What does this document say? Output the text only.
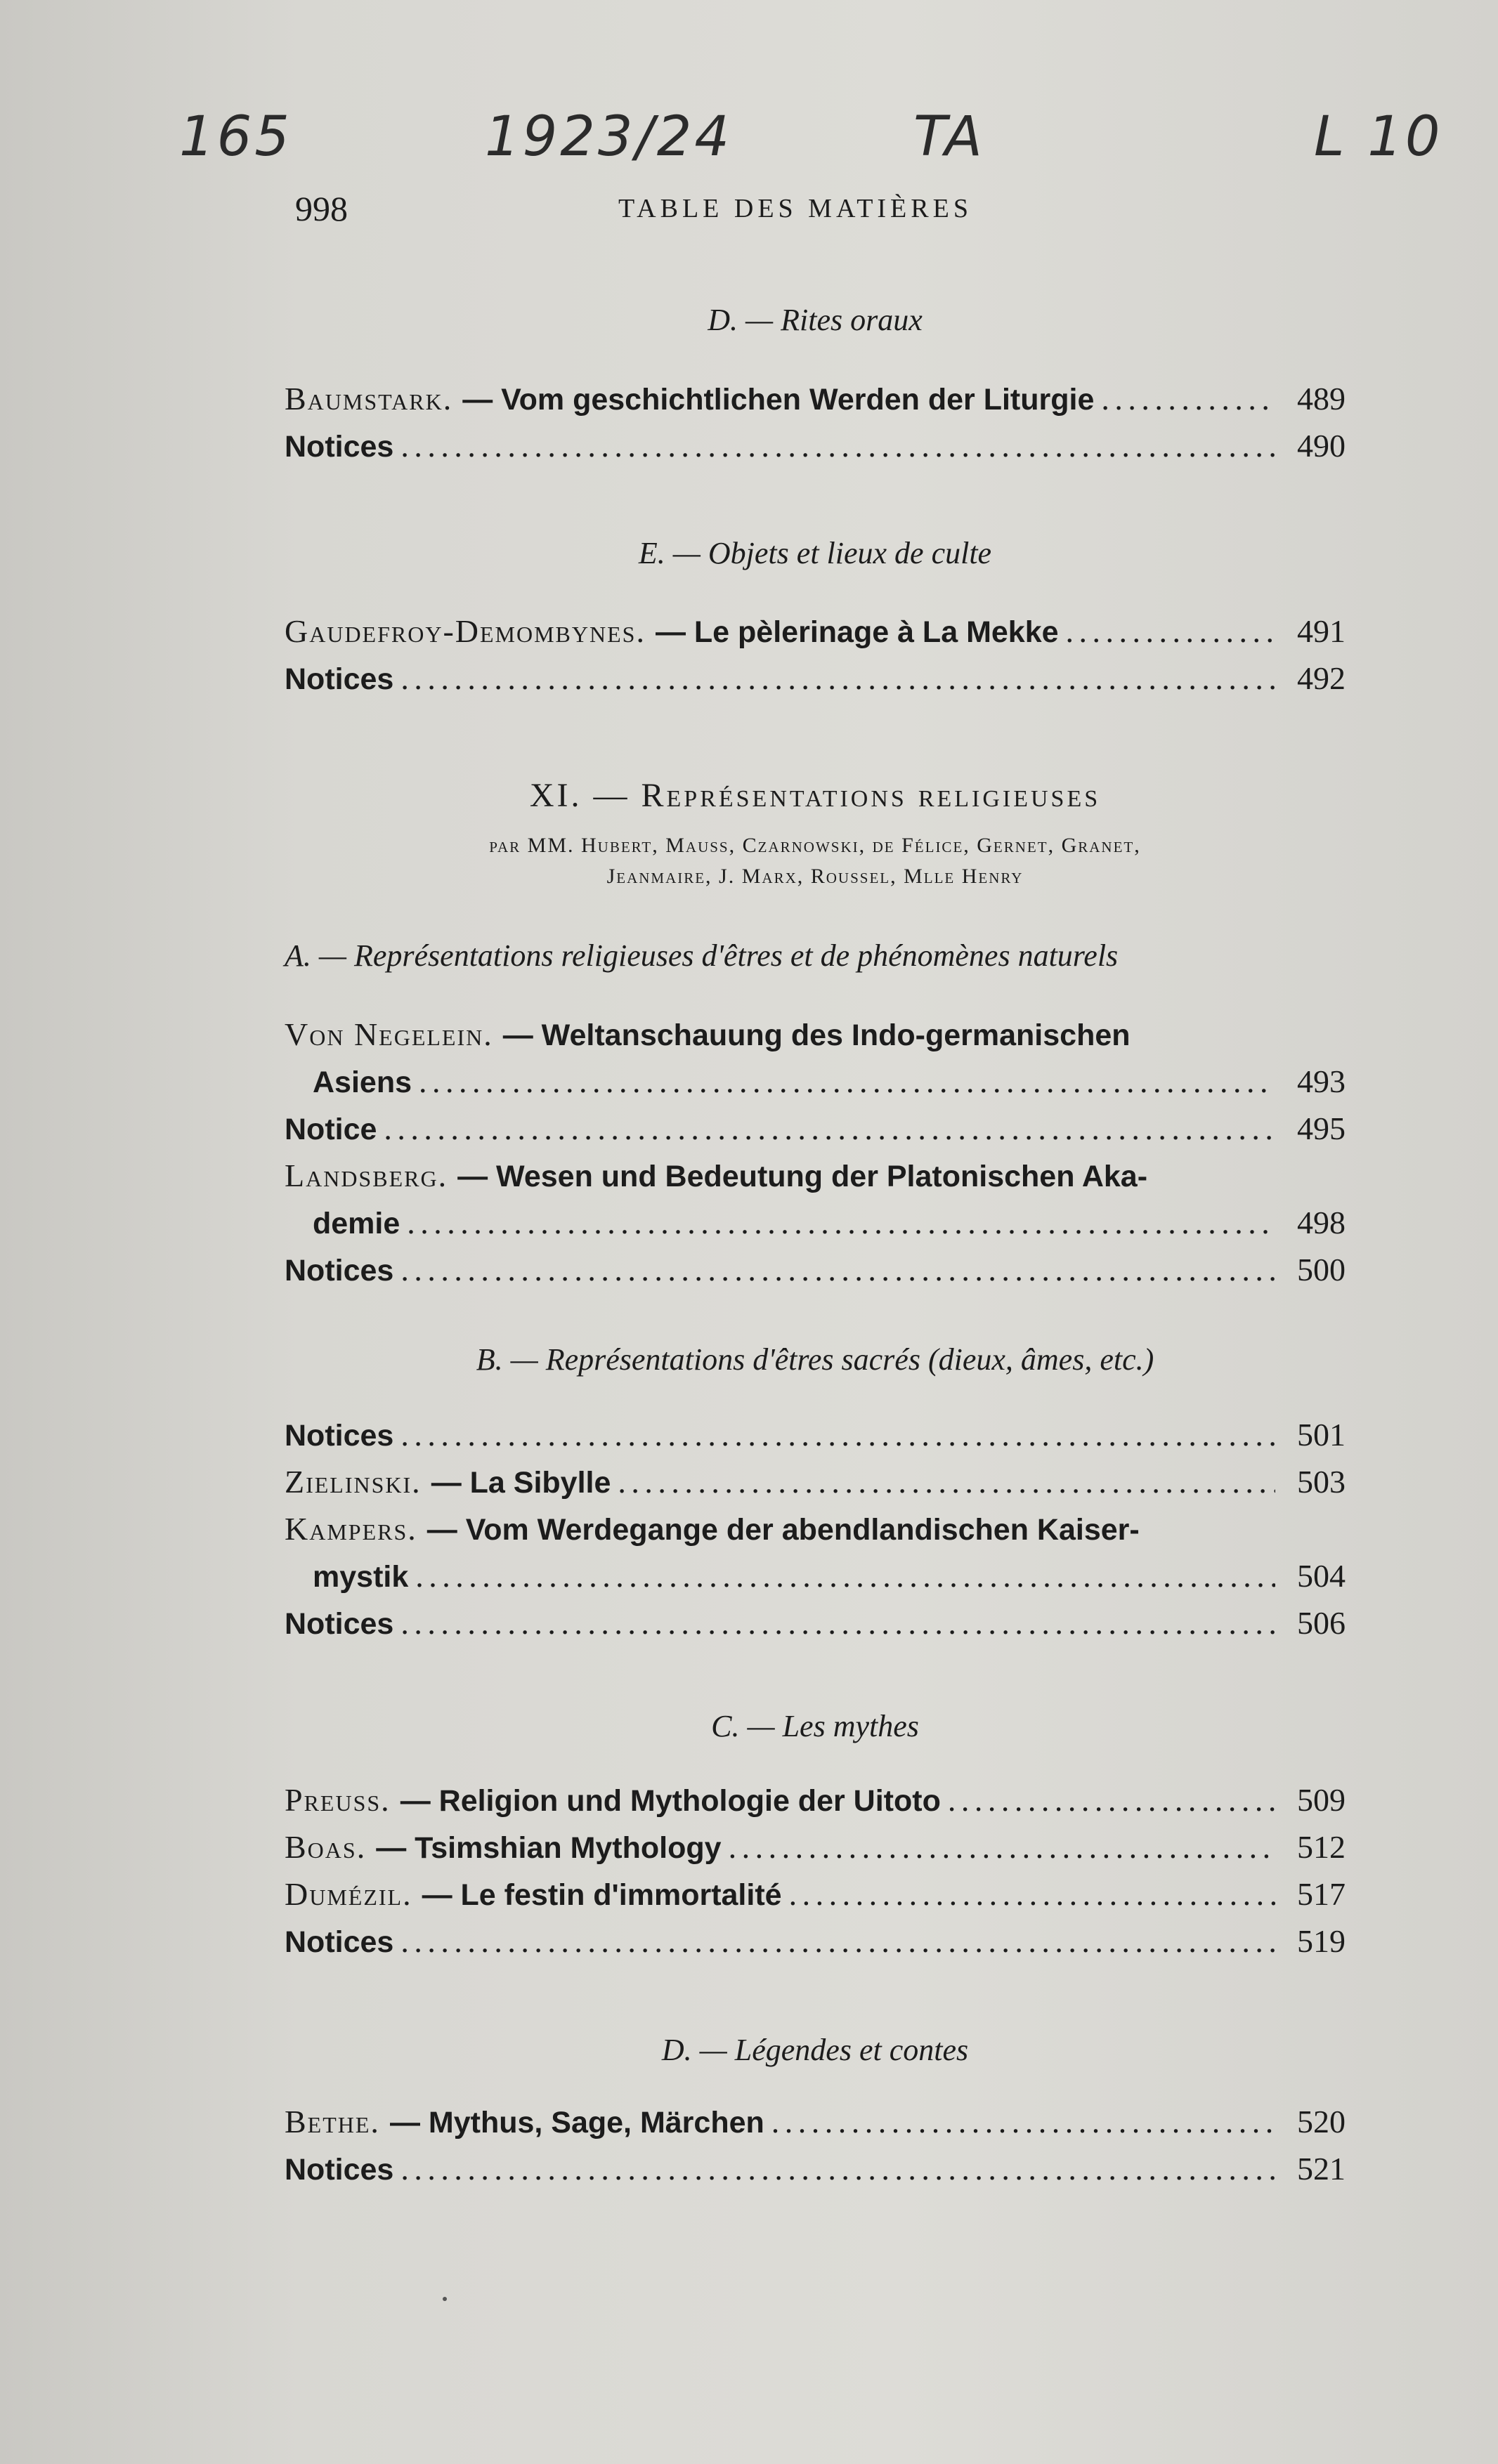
165	1923/24	TA	L 10
998	TABLE DES MATIÈRES

D. — Rites oraux

Baumstark. — Vom geschichtlichen Werden der Liturgie . . .	489
Notices . . .	490

E. — Objets et lieux de culte

Gaudefroy-Demombynes. — Le pèlerinage à La Mekke . . .	491
Notices . . .	492
XI. — Représentations religieuses
par MM. Hubert, Mauss, Czarnowski, de Félice, Gernet, Granet,
Jeanmaire, J. Marx, Roussel, Mlle Henry
A. — Représentations religieuses d'êtres et de phénomènes naturels
Von Negelein. — Weltanschauung des Indo-germanischen
Asiens . . .	493
Notice . . .	495
Landsberg. — Wesen und Bedeutung der Platonischen Aka-
demie . . .	498
Notices . . .	500

B. — Représentations d'êtres sacrés (dieux, âmes, etc.)

Notices . . .	501
Zielinski. — La Sibylle . . .	503
Kampers. — Vom Werdegange der abendlandischen Kaiser-
mystik . . .	504
Notices . . .	506

C. — Les mythes

Preuss. — Religion und Mythologie der Uitoto . . .	509
Boas. — Tsimshian Mythology . . .	512
Dumézil. — Le festin d'immortalité . . .	517
Notices . . .	519

D. — Légendes et contes

Bethe. — Mythus, Sage, Märchen . . .	520
Notices . . .	521
